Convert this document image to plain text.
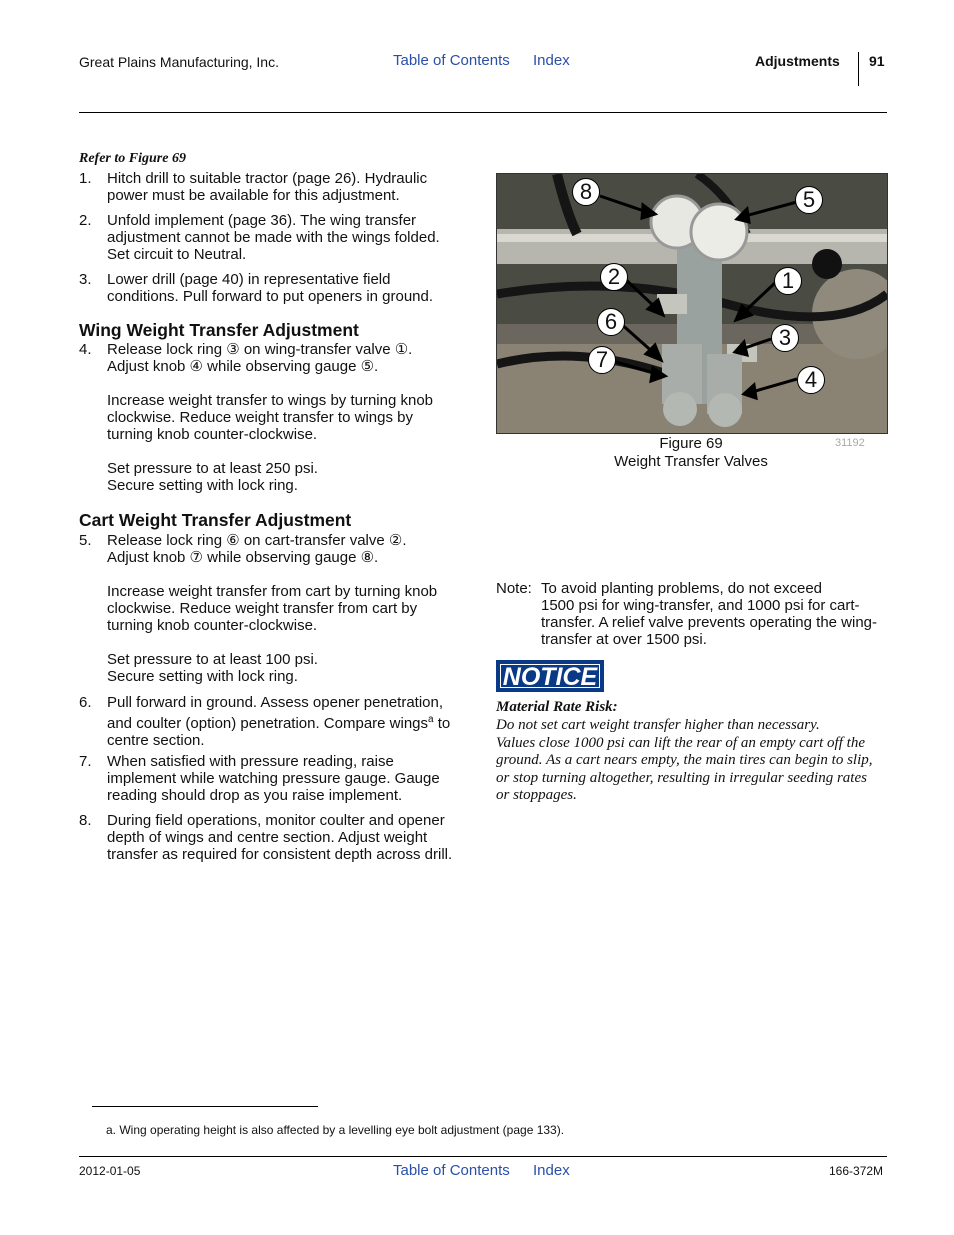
Great Plains Manufacturing, Inc.	Table of Contents Index	Adjustments 91
Refer to Figure 69
1. Hitch drill to suitable tractor (page 26). Hydraulic
power must be available for this adjustment.
2. Unfold implement (page 36). The wing transfer
adjustment cannot be made with the wings folded.
Set circuit to Neutral.
3. Lower drill (page 40) in representative field
conditions. Pull forward to put openers in ground.
Wing Weight Transfer Adjustment
4. Release lock ring ③ on wing-transfer valve ①.
Adjust knob ④ while observing gauge ⑤.

Increase weight transfer to wings by turning knob
clockwise. Reduce weight transfer to wings by
turning knob counter-clockwise.

Set pressure to at least 250 psi.
Secure setting with lock ring.
Cart Weight Transfer Adjustment
5. Release lock ring ⑥ on cart-transfer valve ②.
Adjust knob ⑦ while observing gauge ⑧.

Increase weight transfer from cart by turning knob
clockwise. Reduce weight transfer from cart by
turning knob counter-clockwise.

Set pressure to at least 100 psi.
Secure setting with lock ring.
6. Pull forward in ground. Assess opener penetration,
and coulter (option) penetration. Compare wings$^a$ to
centre section.
7. When satisfied with pressure reading, raise
implement while watching pressure gauge. Gauge
reading should drop as you raise implement.
8. During field operations, monitor coulter and opener
depth of wings and centre section. Adjust weight
transfer as required for consistent depth across drill.
8	5
2	1
6
3
7
4
Figure 69
Weight Transfer Valves
31192
Note: To avoid planting problems, do not exceed
1500 psi for wing-transfer, and 1000 psi for cart-
transfer. A relief valve prevents operating the wing-
transfer at over 1500 psi.
NOTICE
Material Rate Risk:
Do not set cart weight transfer higher than necessary.
Values close 1000 psi can lift the rear of an empty cart off the
ground. As a cart nears empty, the main tires can begin to slip,
or stop turning altogether, resulting in irregular seeding rates
or stoppages.
a. Wing operating height is also affected by a levelling eye bolt adjustment (page 133).
2012-01-05	Table of Contents Index	166-372M
